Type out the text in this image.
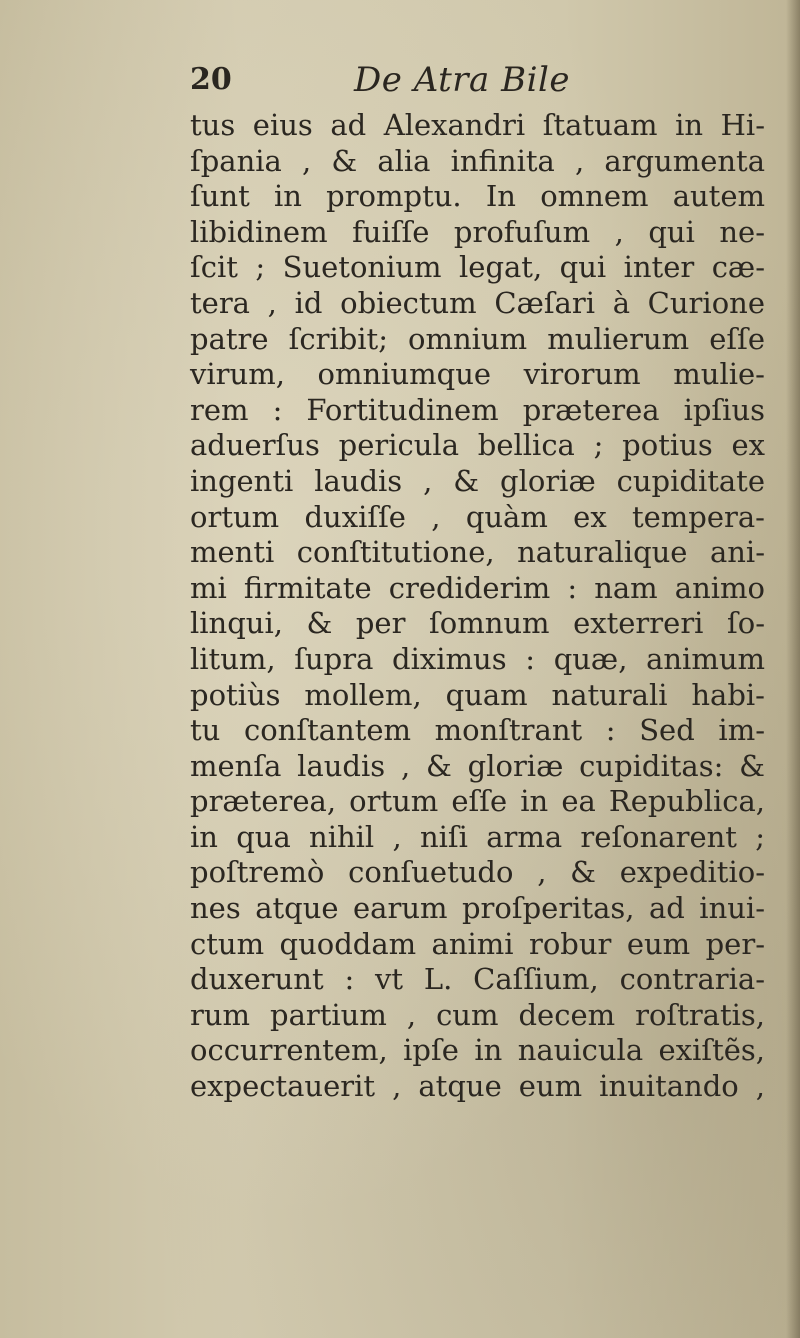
20	De Atra Bile
tus eius ad Alexandri ſtatuam in Hi-
ſpania , & alia infinita , argumenta
ſunt in promptu. In omnem autem
libidinem fuiſſe profuſum , qui ne-
ſcit ; Suetonium legat, qui inter cæ-
tera , id obiectum Cæſari à Curione
patre ſcribit; omnium mulierum eſſe
virum, omniumque virorum mulie-
rem : Fortitudinem præterea ipſius
aduerſus pericula bellica ; potius ex
ingenti laudis , & gloriæ cupiditate
ortum duxiſſe , quàm ex tempera-
menti conſtitutione, naturalique ani-
mi firmitate crediderim : nam animo
linqui, & per ſomnum exterreri ſo-
litum, ſupra diximus : quæ, animum
potiùs mollem, quam naturali habi-
tu conſtantem monſtrant : Sed im-
menſa laudis , & gloriæ cupiditas: &
præterea, ortum eſſe in ea Republica,
in qua nihil , niſi arma reſonarent ;
poſtremò conſuetudo , & expeditio-
nes atque earum proſperitas, ad inui-
ctum quoddam animi robur eum per-
duxerunt : vt L. Caſſium, contraria-
rum partium , cum decem roſtratis,
occurrentem, ipſe in nauicula exiſtẽs,
expectauerit , atque eum inuitando ,
